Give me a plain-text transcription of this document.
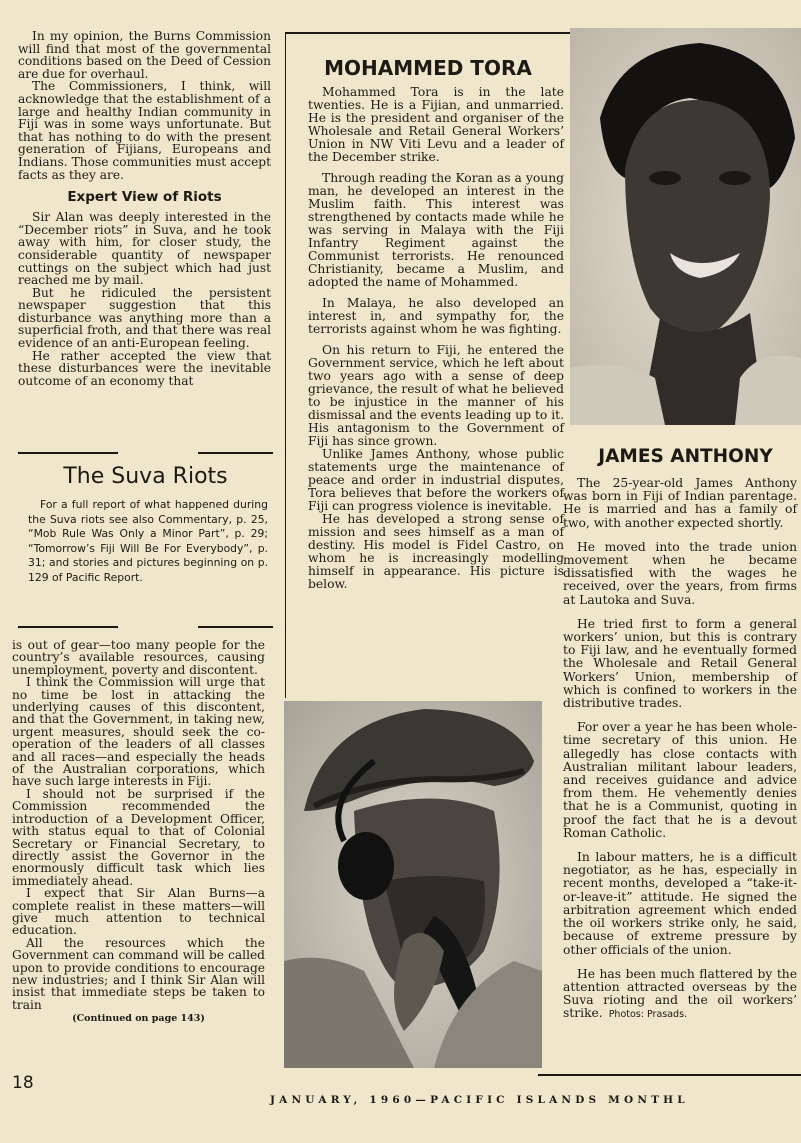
In my opinion, the Burns Commission will find that most of the governmental conditions based on the Deed of Cession are due for overhaul.

The Commissioners, I think, will acknowledge that the establishment of a large and healthy Indian community in Fiji was in some ways unfortunate. But that has nothing to do with the present generation of Fijians, Europeans and Indians. Those communities must accept facts as they are.

Expert View of Riots

Sir Alan was deeply interested in the “December riots” in Suva, and he took away with him, for closer study, the considerable quantity of newspaper cuttings on the subject which had just reached me by mail.

But he ridiculed the persistent newspaper suggestion that this disturbance was anything more than a superficial froth, and that there was real evidence of an anti-European feeling.

He rather accepted the view that these disturbances were the inevitable outcome of an economy that

The Suva Riots

For a full report of what happened during the Suva riots see also Commentary, p. 25, “Mob Rule Was Only a Minor Part”, p. 29; “Tomorrow’s Fiji Will Be For Everybody”, p. 31; and stories and pictures beginning on p. 129 of Pacific Report.

is out of gear—too many people for the country’s available resources, causing unemployment, poverty and discontent.

I think the Commission will urge that no time be lost in attacking the underlying causes of this discontent, and that the Government, in taking new, urgent measures, should seek the co-operation of the leaders of all classes and all races—and especially the heads of the Australian corporations, which have such large interests in Fiji.

I should not be surprised if the Commission recommended the introduction of a Development Officer, with status equal to that of Colonial Secretary or Financial Secretary, to directly assist the Governor in the enormously difficult task which lies immediately ahead.

I expect that Sir Alan Burns—a complete realist in these matters—will give much attention to technical education.

All the resources which the Government can command will be called upon to provide conditions to encourage new industries; and I think Sir Alan will insist that immediate steps be taken to train

(Continued on page 143)
MOHAMMED TORA

Mohammed Tora is in the late twenties. He is a Fijian, and unmarried. He is the president and organiser of the Wholesale and Retail General Workers’ Union in NW Viti Levu and a leader of the December strike.

Through reading the Koran as a young man, he developed an interest in the Muslim faith. This interest was strengthened by contacts made while he was serving in Malaya with the Fiji Infantry Regiment against the Communist terrorists. He renounced Christianity, became a Muslim, and adopted the name of Mohammed.

In Malaya, he also developed an interest in, and sympathy for, the terrorists against whom he was fighting.

On his return to Fiji, he entered the Government service, which he left about two years ago with a sense of deep grievance, the result of what he believed to be injustice in the manner of his dismissal and the events leading up to it. His antagonism to the Government of Fiji has since grown.

Unlike James Anthony, whose public statements urge the maintenance of peace and order in industrial disputes, Tora believes that before the workers of Fiji can progress violence is inevitable.

He has developed a strong sense of mission and sees himself as a man of destiny. His model is Fidel Castro, on whom he is increasingly modelling himself in appearance. His picture is below.

JAMES ANTHONY

The 25-year-old James Anthony was born in Fiji of Indian parentage. He is married and has a family of two, with another expected shortly.

He moved into the trade union movement when he became dissatisfied with the wages he received, over the years, from firms at Lautoka and Suva.

He tried first to form a general workers’ union, but this is contrary to Fiji law, and he eventually formed the Wholesale and Retail General Workers’ Union, membership of which is confined to workers in the distributive trades.

For over a year he has been whole-time secretary of this union. He allegedly has close contacts with Australian militant labour leaders, and receives guidance and advice from them. He vehemently denies that he is a Communist, quoting in proof the fact that he is a devout Roman Catholic.

In labour matters, he is a difficult negotiator, as he has, especially in recent months, developed a “take-it-or-leave-it” attitude. He signed the arbitration agreement which ended the oil workers strike only, he said, because of extreme pressure by other officials of the union.

He has been much flattered by the attention attracted overseas by the Suva rioting and the oil workers’ strike. Photos: Prasads.

18
JANUARY, 1960—PACIFIC ISLANDS MONTHL
